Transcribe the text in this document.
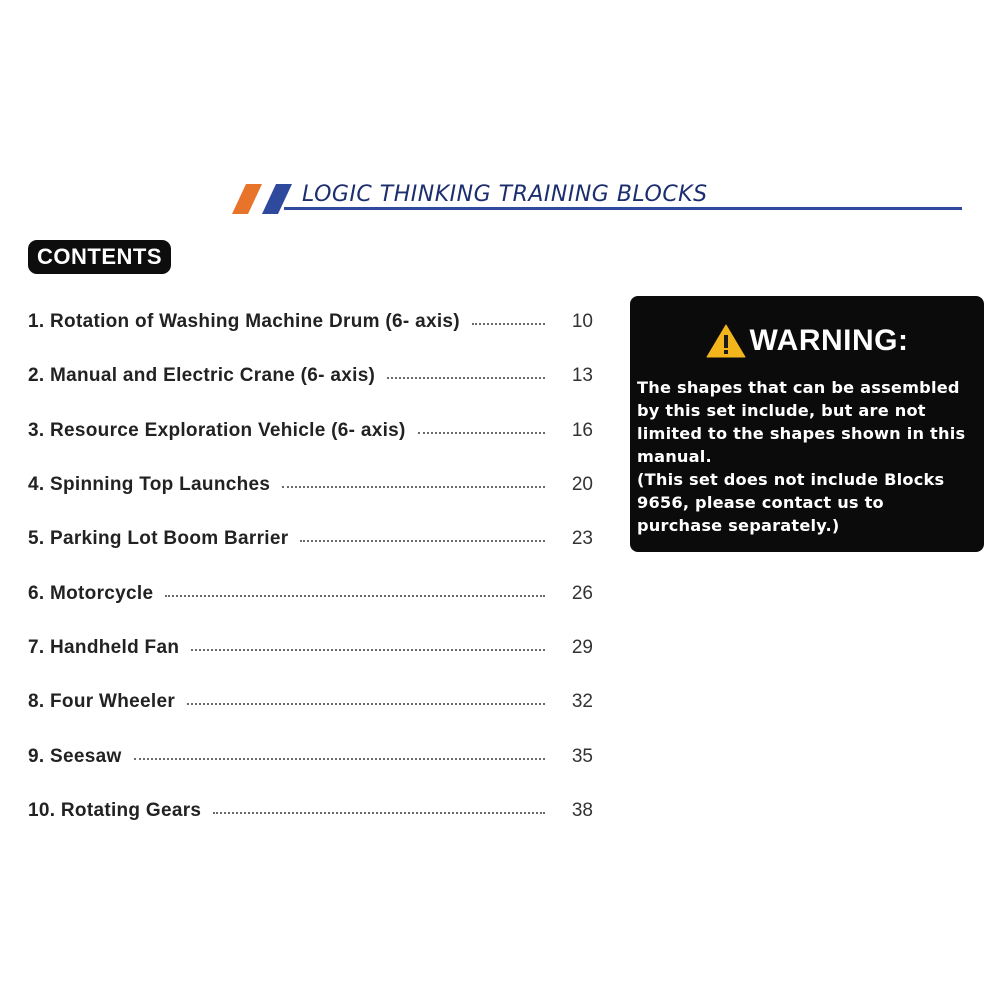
LOGIC THINKING TRAINING BLOCKS
CONTENTS
1. Rotation of Washing Machine Drum (6- axis)	10
2. Manual and Electric Crane (6- axis)	13
3. Resource Exploration Vehicle (6- axis)	16
4. Spinning Top Launches	20
5. Parking Lot Boom Barrier	23
6. Motorcycle	26
7. Handheld Fan	29
8. Four Wheeler	32
9. Seesaw	35
10. Rotating Gears	38
WARNING:

The shapes that can be assembled
by this set include, but are not
limited to the shapes shown in this
manual.
(This set does not include Blocks
9656, please contact us to
purchase separately.)
